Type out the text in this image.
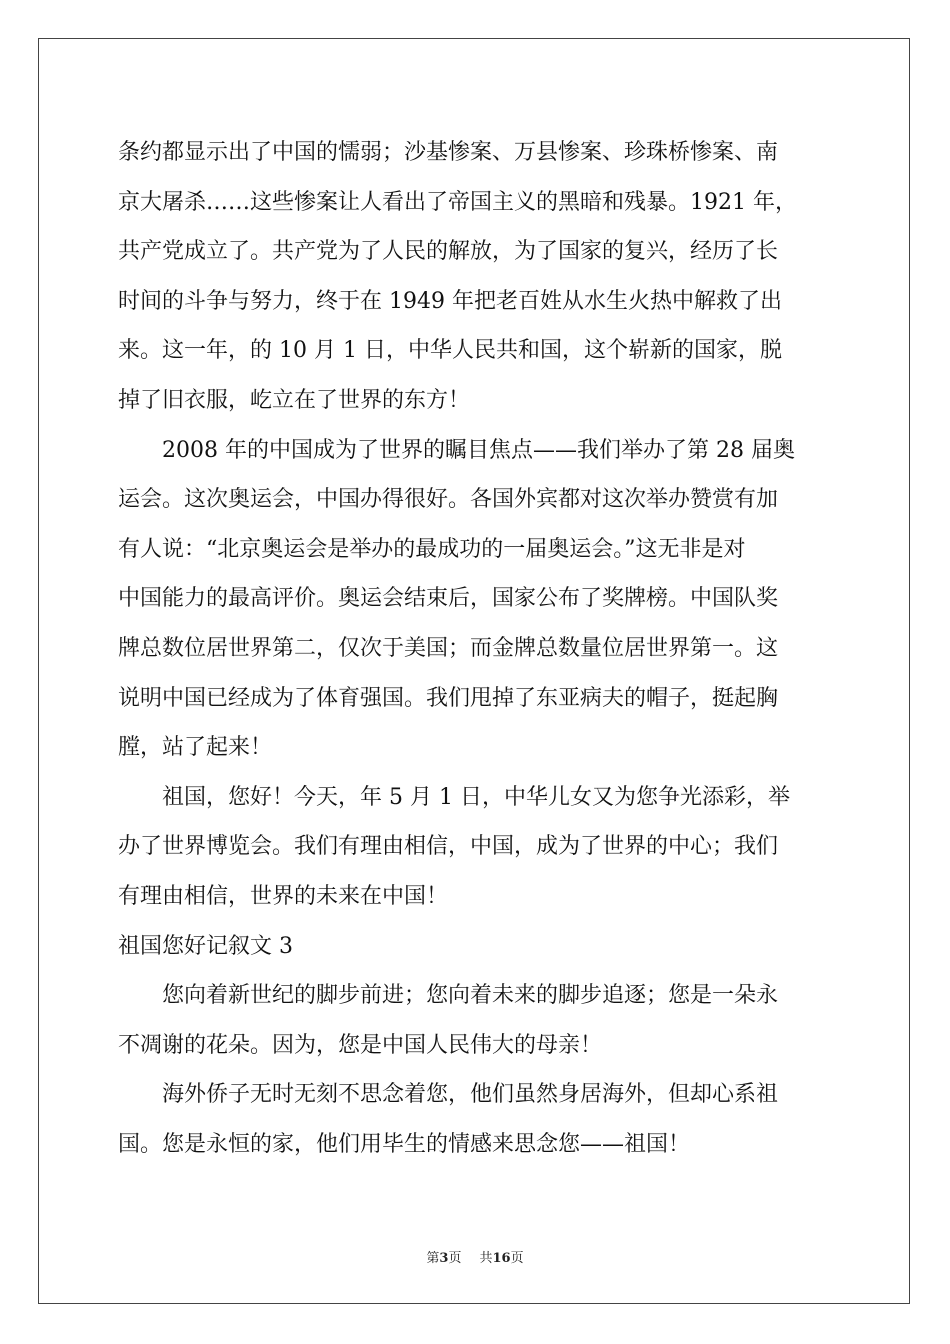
条约都显示出了中国的懦弱；沙基惨案、万县惨案、珍珠桥惨案、南
京大屠杀……这些惨案让人看出了帝国主义的黑暗和残暴。1921 年，
共产党成立了。共产党为了人民的解放，为了国家的复兴，经历了长
时间的斗争与努力，终于在 1949 年把老百姓从水生火热中解救了出
来。这一年，的 10 月 1 日，中华人民共和国，这个崭新的国家，脱
掉了旧衣服，屹立在了世界的东方！
　　2008 年的中国成为了世界的瞩目焦点——我们举办了第 28 届奥
运会。这次奥运会，中国办得很好。各国外宾都对这次举办赞赏有加
有人说：“北京奥运会是举办的最成功的一届奥运会。”这无非是对
中国能力的最高评价。奥运会结束后，国家公布了奖牌榜。中国队奖
牌总数位居世界第二，仅次于美国；而金牌总数量位居世界第一。这
说明中国已经成为了体育强国。我们甩掉了东亚病夫的帽子，挺起胸
膛，站了起来！
　　祖国，您好！今天，年 5 月 1 日，中华儿女又为您争光添彩，举
办了世界博览会。我们有理由相信，中国，成为了世界的中心；我们
有理由相信，世界的未来在中国！
祖国您好记叙文 3
　　您向着新世纪的脚步前进；您向着未来的脚步追逐；您是一朵永
不凋谢的花朵。因为，您是中国人民伟大的母亲！
　　海外侨子无时无刻不思念着您，他们虽然身居海外，但却心系祖
国。您是永恒的家，他们用毕生的情感来思念您——祖国！
第3页 共16页
